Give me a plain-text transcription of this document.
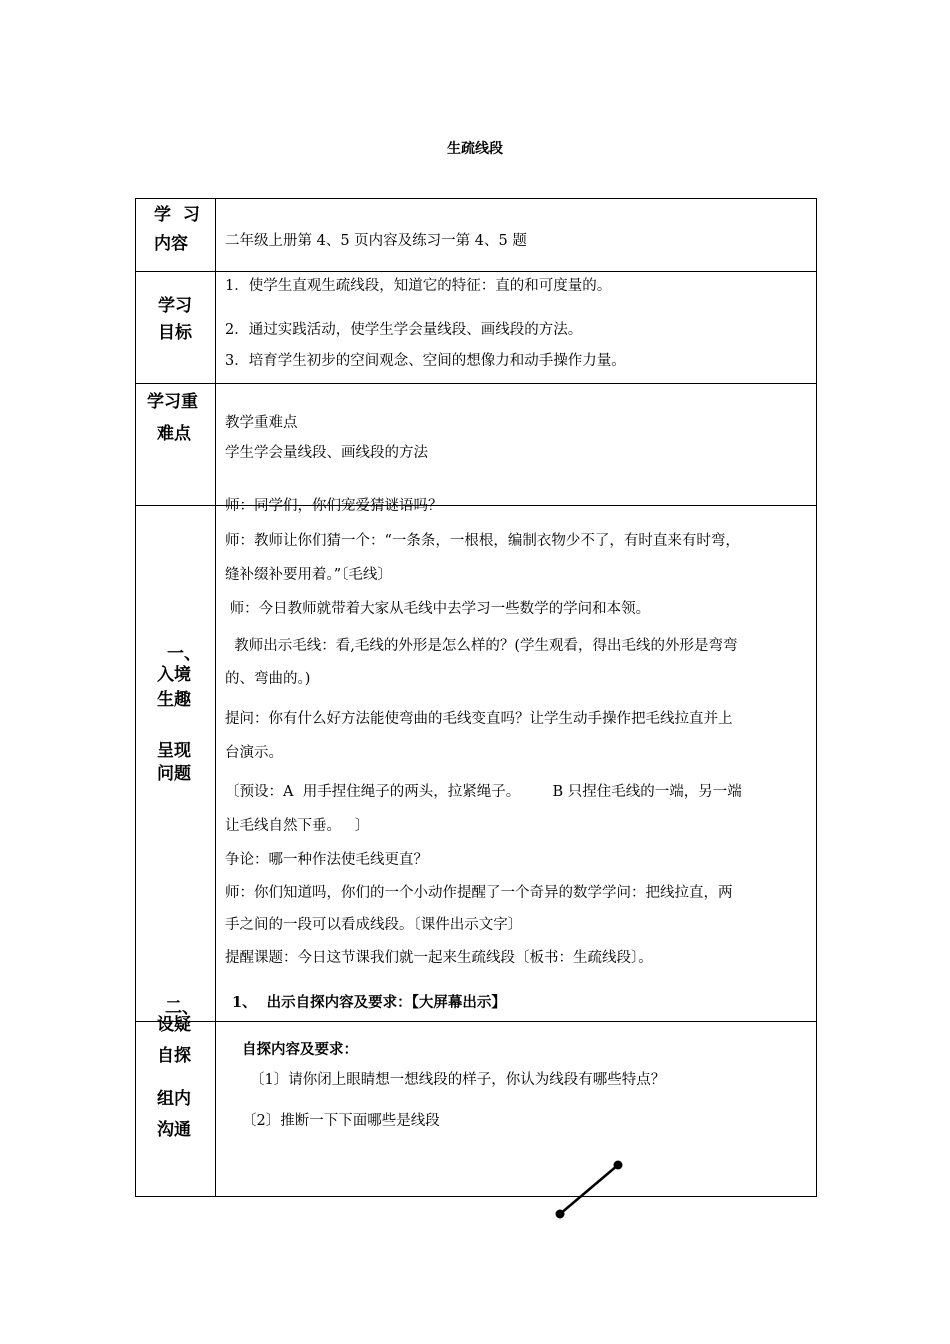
生疏线段
学  习
内容	二年级上册第 4、5 页内容及练习一第 4、5 题
学习
目标
1．使学生直观生疏线段，知道它的特征：直的和可度量的。
2．通过实践活动，使学生学会量线段、画线段的方法。
3．培育学生初步的空间观念、空间的想像力和动手操作力量。
学习重
难点
教学重难点
学生学会量线段、画线段的方法
一、
入境
生趣
呈现
问题
师：同学们，你们宠爱猜谜语吗？
师：教师让你们猜一个：“一条条，一根根，编制衣物少不了，有时直来有时弯，
缝补缀补要用着。”〔毛线〕
师：今日教师就带着大家从毛线中去学习一些数学的学问和本领。
教师出示毛线：看,毛线的外形是怎么样的？(学生观看，得出毛线的外形是弯弯
的、弯曲的。)
提问：你有什么好方法能使弯曲的毛线变直吗？让学生动手操作把毛线拉直并上
台演示。
〔预设：A  用手捏住绳子的两头，拉紧绳子。       B 只捏住毛线的一端，另一端
让毛线自然下垂。   〕
争论：哪一种作法使毛线更直？
师：你们知道吗，你们的一个小动作提醒了一个奇异的数学学问：把线拉直，两
手之间的一段可以看成线段。〔课件出示文字〕
提醒课题：今日这节课我们就一起来生疏线段〔板书：生疏线段〕。
1、  出示自探内容及要求：【大屏幕出示】
二、
设疑
自探
组内
沟通
自探内容及要求：
〔1〕请你闭上眼睛想一想线段的样子，你认为线段有哪些特点？
〔2〕推断一下下面哪些是线段
